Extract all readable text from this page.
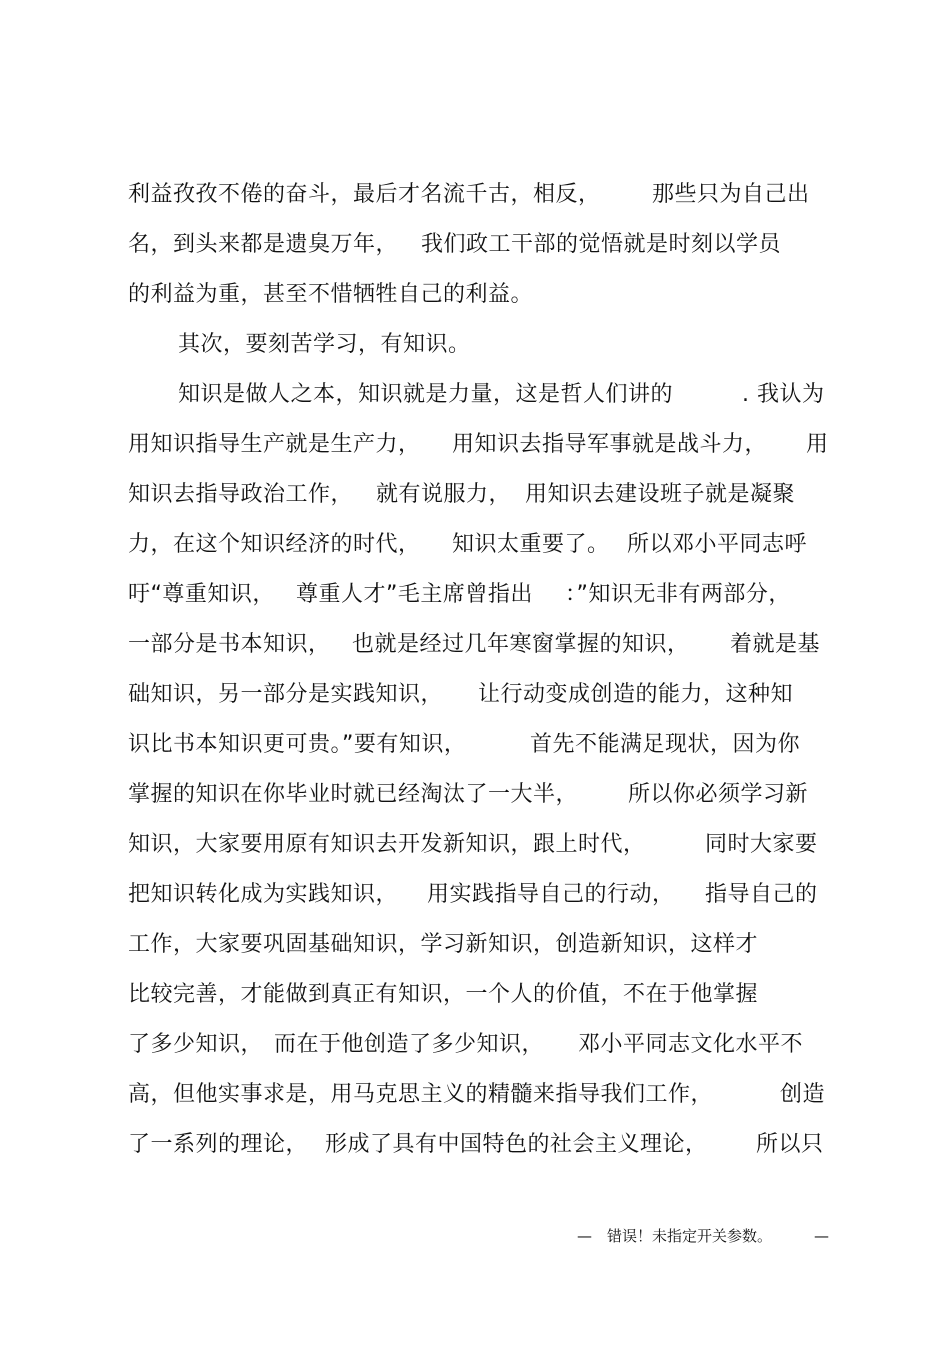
利益孜孜不倦的奋斗，最后才名流千古，相反， 那些只为自己出
名，到头来都是遗臭万年， 我们政工干部的觉悟就是时刻以学员
的利益为重，甚至不惜牺牲自己的利益。
其次，要刻苦学习，有知识。
知识是做人之本，知识就是力量，这是哲人们讲的	. 我认为
用知识指导生产就是生产力， 用知识去指导军事就是战斗力， 用
知识去指导政治工作， 就有说服力， 用知识去建设班子就是凝聚
力，在这个知识经济的时代， 知识太重要了。 所以邓小平同志呼
吁“尊重知识， 尊重人才”毛主席曾指出 ：”知识无非有两部分，
一部分是书本知识， 也就是经过几年寒窗掌握的知识， 着就是基
础知识，另一部分是实践知识， 让行动变成创造的能力，这种知
识比书本知识更可贵。”要有知识，	首先不能满足现状，因为你
掌握的知识在你毕业时就已经淘汰了一大半， 所以你必须学习新
知识，大家要用原有知识去开发新知识，跟上时代，	同时大家要
把知识转化成为实践知识， 用实践指导自己的行动， 指导自己的
工作，大家要巩固基础知识，学习新知识，创造新知识，这样才
比较完善，才能做到真正有知识，一个人的价值，不在于他掌握
了多少知识， 而在于他创造了多少知识， 邓小平同志文化水平不
高，但他实事求是，用马克思主义的精髓来指导我们工作，	创造
了一系列的理论， 形成了具有中国特色的社会主义理论， 所以只

—

错误！未指定开关参数。

	—
